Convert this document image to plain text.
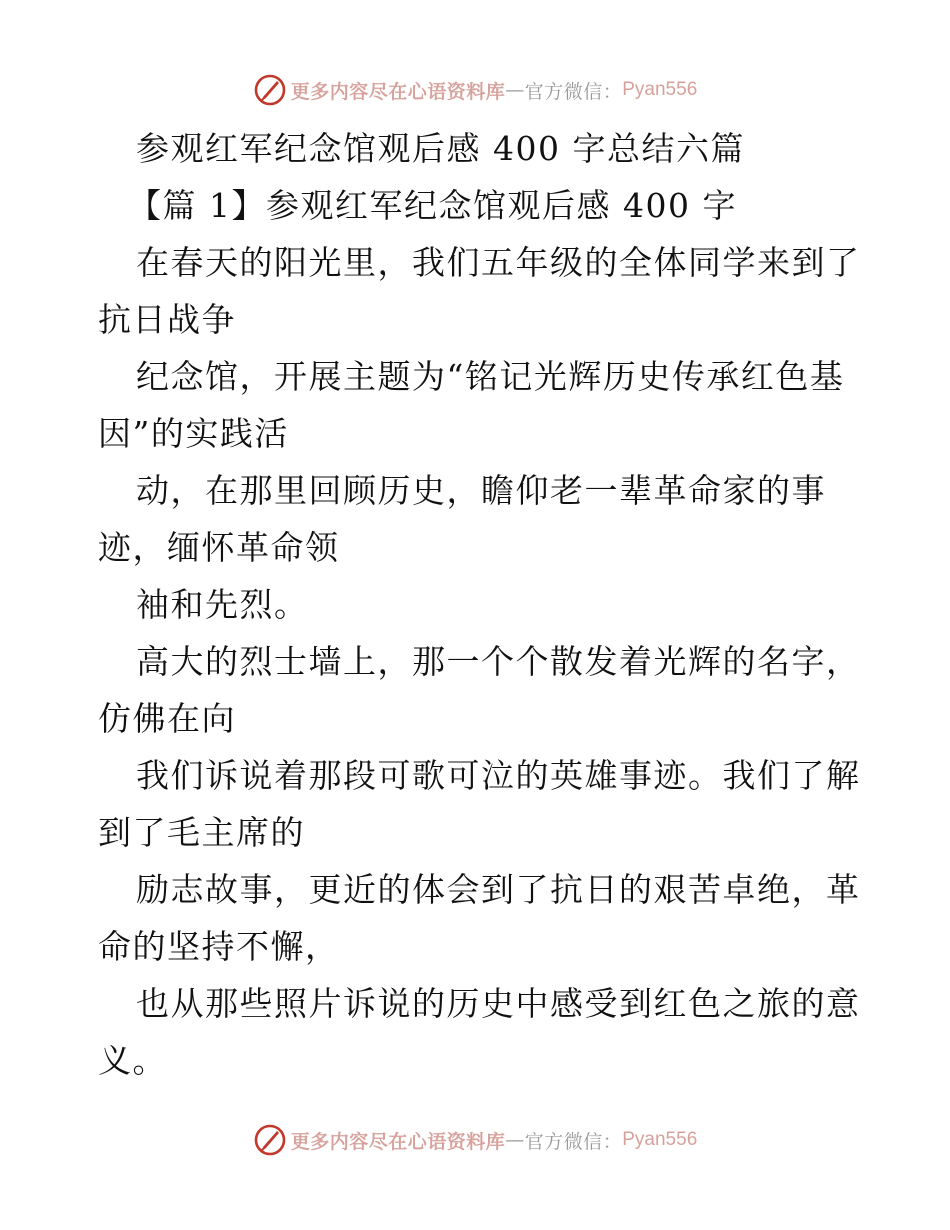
更多内容尽在心语资料库 — 官方微信： Pyan556
参观红军纪念馆观后感 400 字总结六篇
【篇 1】参观红军纪念馆观后感 400 字
在春天的阳光里，我们五年级的全体同学来到了
抗日战争
纪念馆，开展主题为“铭记光辉历史传承红色基
因”的实践活
动，在那里回顾历史，瞻仰老一辈革命家的事
迹，缅怀革命领
袖和先烈。
高大的烈士墙上，那一个个散发着光辉的名字，
仿佛在向
我们诉说着那段可歌可泣的英雄事迹。我们了解
到了毛主席的
励志故事，更近的体会到了抗日的艰苦卓绝，革
命的坚持不懈，
也从那些照片诉说的历史中感受到红色之旅的意
义。
更多内容尽在心语资料库 — 官方微信： Pyan556
